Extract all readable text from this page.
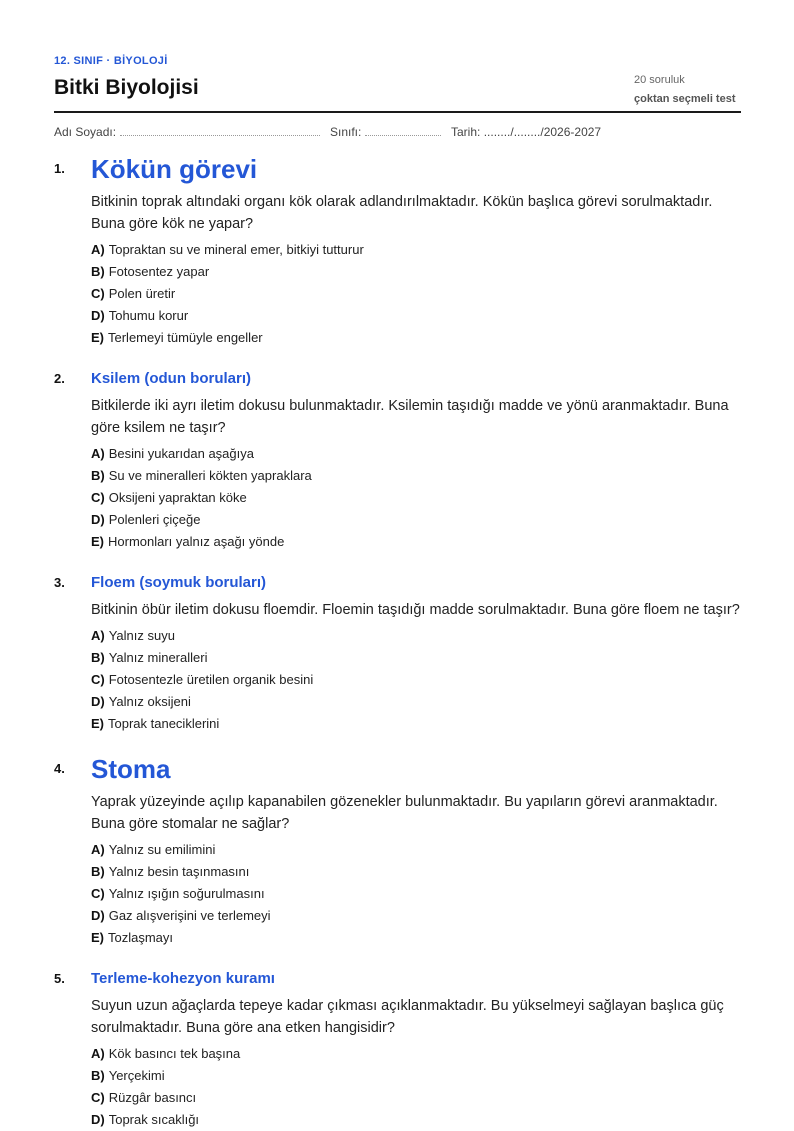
12. SINIF · BİYOLOJİ
Bitki Biyolojisi	20 soruluk
çoktan seçmeli test
Adı Soyadı:	Sınıfı:	Tarih: ......../......../2026-2027
1. Kökün görevi

Bitkinin toprak altındaki organı kök olarak adlandırılmaktadır. Kökün başlıca görevi sorulmaktadır. Buna göre kök ne yapar?

A) Topraktan su ve mineral emer, bitkiyi tutturur
B) Fotosentez yapar
C) Polen üretir
D) Tohumu korur
E) Terlemeyi tümüyle engeller
2. Ksilem (odun boruları)

Bitkilerde iki ayrı iletim dokusu bulunmaktadır. Ksilemin taşıdığı madde ve yönü aranmaktadır. Buna göre ksilem ne taşır?

A) Besini yukarıdan aşağıya
B) Su ve mineralleri kökten yapraklara
C) Oksijeni yapraktan köke
D) Polenleri çiçeğe
E) Hormonları yalnız aşağı yönde
3. Floem (soymuk boruları)

Bitkinin öbür iletim dokusu floemdir. Floemin taşıdığı madde sorulmaktadır. Buna göre floem ne taşır?

A) Yalnız suyu
B) Yalnız mineralleri
C) Fotosentezle üretilen organik besini
D) Yalnız oksijeni
E) Toprak taneciklerini
4. Stoma

Yaprak yüzeyinde açılıp kapanabilen gözenekler bulunmaktadır. Bu yapıların görevi aranmaktadır. Buna göre stomalar ne sağlar?

A) Yalnız su emilimini
B) Yalnız besin taşınmasını
C) Yalnız ışığın soğurulmasını
D) Gaz alışverişini ve terlemeyi
E) Tozlaşmayı
5. Terleme-kohezyon kuramı

Suyun uzun ağaçlarda tepeye kadar çıkması açıklanmaktadır. Bu yükselmeyi sağlayan başlıca güç sorulmaktadır. Buna göre ana etken hangisidir?

A) Kök basıncı tek başına
B) Yerçekimi
C) Rüzgâr basıncı
D) Toprak sıcaklığı
